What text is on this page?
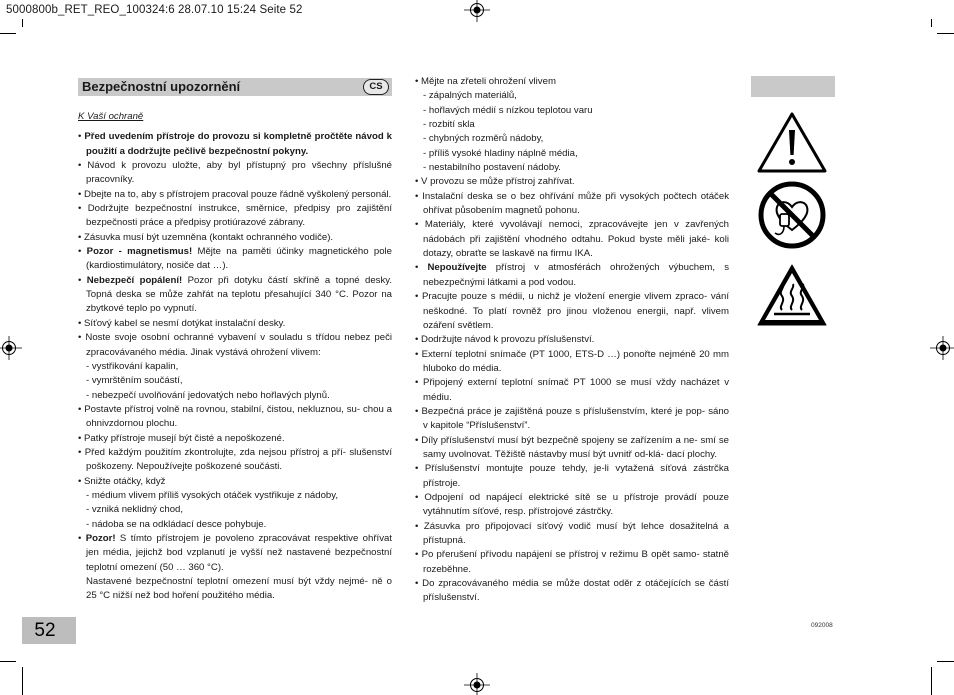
5000800b_RET_REO_100324:6 28.07.10 15:24 Seite 52
Bezpečnostní upozornění	CS

K Vaší ochraně

• Před uvedením přístroje do provozu si kompletně pročtěte návod k použití a dodržujte pečlivě bezpečnostní pokyny.

• Návod k provozu uložte, aby byl přístupný pro všechny příslušné pracovníky.

• Dbejte na to, aby s přístrojem pracoval pouze řádně vyškolený personál.

• Dodržujte bezpečnostní instrukce, směrnice, předpisy pro zajištění bezpečnosti práce a předpisy protiúrazové zábrany.

• Zásuvka musí být uzemněna (kontakt ochranného vodiče).

• Pozor - magnetismus! Mějte na paměti účinky magnetického pole (kardiostimulátory, nosiče dat …).

• Nebezpečí popálení! Pozor při dotyku částí skříně a topné desky. Topná deska se může zahřát na teplotu přesahující 340 °C. Pozor na zbytkové teplo po vypnutí.

• Síťový kabel se nesmí dotýkat instalační desky.

• Noste svoje osobní ochranné vybavení v souladu s třídou nebez peči zpracovávaného média. Jinak vystává ohrožení vlivem:

- vystřikování kapalin,

- vymrštěním součástí,

- nebezpečí uvolňování jedovatých nebo hořlavých plynů.

• Postavte přístroj volně na rovnou, stabilní, čistou, nekluznou, su- chou a ohnivzdornou plochu.

• Patky přístroje musejí být čisté a nepoškozené.

• Před každým použitím zkontrolujte, zda nejsou přístroj a pří- slušenství poškozeny. Nepoužívejte poškozené součásti.

• Snižte otáčky, když

- médium vlivem příliš vysokých otáček vystřikuje z nádoby,

- vzniká neklidný chod,

- nádoba se na odkládací desce pohybuje.

• Pozor! S tímto přístrojem je povoleno zpracovávat respektive ohřívat jen média, jejichž bod vzplanutí je vyšší než nastavené bezpečnostní teplotní omezení (50 … 360 °C).

Nastavené bezpečnostní teplotní omezení musí být vždy nejmé- ně o 25 °C nižší než bod hoření použitého média.

• Mějte na zřeteli ohrožení vlivem

- zápalných materiálů,

- hořlavých médií s nízkou teplotou varu

- rozbití skla

- chybných rozměrů nádoby,

- příliš vysoké hladiny náplně média,

- nestabilního postavení nádoby.

• V provozu se může přístroj zahřívat.

• Instalační deska se o bez ohřívání může při vysokých počtech otáček ohřívat působením magnetů pohonu.

• Materiály, které vyvolávají nemoci, zpracovávejte jen v zavřených nádobách při zajištění vhodného odtahu. Pokud byste měli jaké- koli dotazy, obraťte se laskavě na firmu IKA.

• Nepoužívejte přístroj v atmosférách ohrožených výbuchem, s nebezpečnými látkami a pod vodou.

• Pracujte pouze s médii, u nichž je vložení energie vlivem zpraco- vání neškodné. To platí rovněž pro jinou vloženou energii, např. vlivem ozáření světlem.

• Dodržujte návod k provozu příslušenství.

• Externí teplotní snímače (PT 1000, ETS-D …) ponořte nejméně 20 mm hluboko do média.

• Připojený externí teplotní snímač PT 1000 se musí vždy nacházet v médiu.

• Bezpečná práce je zajištěná pouze s příslušenstvím, které je pop- sáno v kapitole “Příslušenství”.

• Díly příslušenství musí být bezpečně spojeny se zařízením a ne- smí se samy uvolnovat. Těžiště nástavby musí být uvnitř od-klá- dací plochy.

• Příslušenství montujte pouze tehdy, je-li vytažená síťová zástrčka přístroje.

• Odpojení od napájecí elektrické sítě se u přístroje provádí pouze vytáhnutím síťové, resp. přístrojové zástrčky.

• Zásuvka pro připojovací síťový vodič musí být lehce dosažitelná a přístupná.

• Po přerušení přívodu napájení se přístroj v režimu B opět samo- statně rozeběhne.

• Do zpracovávaného média se může dostat oděr z otáčejících se částí příslušenství.

52	092008
